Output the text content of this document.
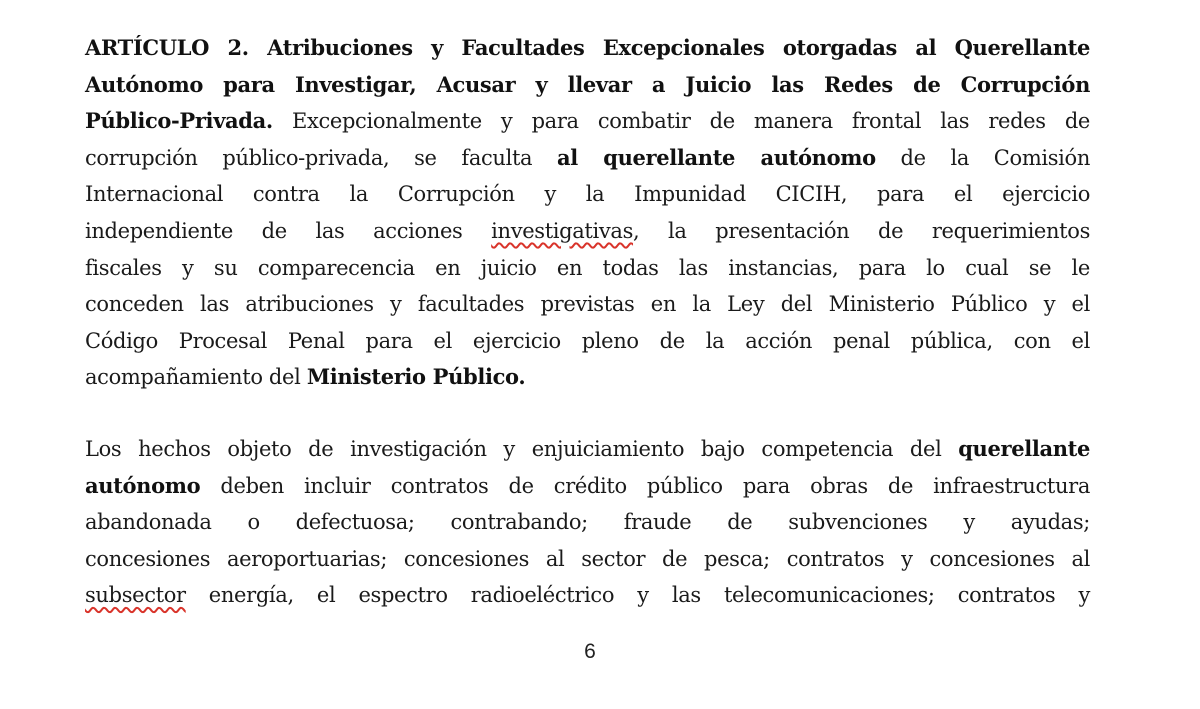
ARTÍCULO 2. Atribuciones y Facultades Excepcionales otorgadas al Querellante
Autónomo para Investigar, Acusar y llevar a Juicio las Redes de Corrupción
Público-Privada. Excepcionalmente y para combatir de manera frontal las redes de
corrupción público-privada, se faculta al querellante autónomo de la Comisión
Internacional contra la Corrupción y la Impunidad CICIH, para el ejercicio
independiente de las acciones investigativas, la presentación de requerimientos
fiscales y su comparecencia en juicio en todas las instancias, para lo cual se le
conceden las atribuciones y facultades previstas en la Ley del Ministerio Público y el
Código Procesal Penal para el ejercicio pleno de la acción penal pública, con el
acompañamiento del Ministerio Público.
Los hechos objeto de investigación y enjuiciamiento bajo competencia del querellante
autónomo deben incluir contratos de crédito público para obras de infraestructura
abandonada o defectuosa; contrabando; fraude de subvenciones y ayudas;
concesiones aeroportuarias; concesiones al sector de pesca; contratos y concesiones al
subsector energía, el espectro radioeléctrico y las telecomunicaciones; contratos y
6
